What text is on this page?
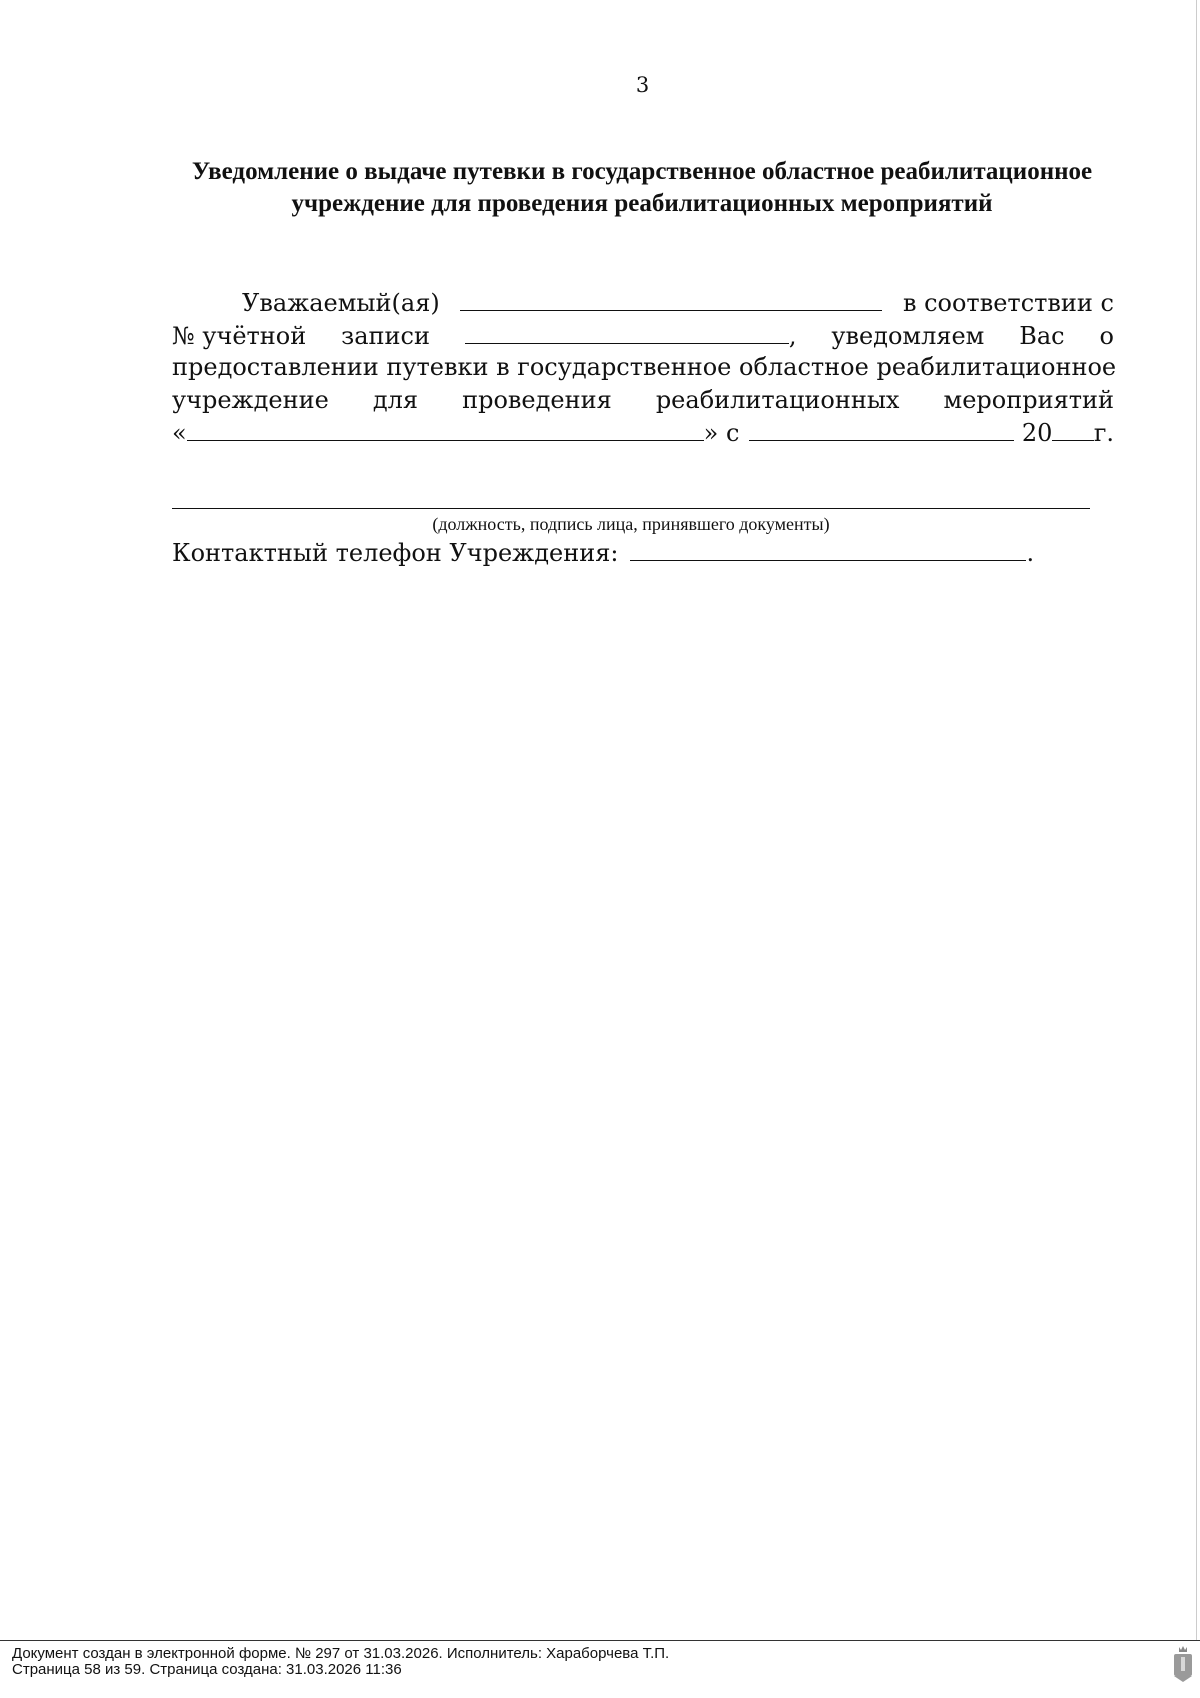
3
Уведомление о выдаче путевки в государственное областное реабилитационное учреждение для проведения реабилитационных мероприятий
Уважаемый(ая)	в соответствии с
№ учётной записи	, уведомляем Вас о
предоставлении путевки в государственное областное реабилитационное
учреждение для проведения реабилитационных мероприятий
«	» с	20 г.
(должность, подпись лица, принявшего документы)
Контактный телефон Учреждения:	.
Документ создан в электронной форме. № 297 от 31.03.2026. Исполнитель: Хараборчева Т.П.
Страница 58 из 59. Страница создана: 31.03.2026 11:36
